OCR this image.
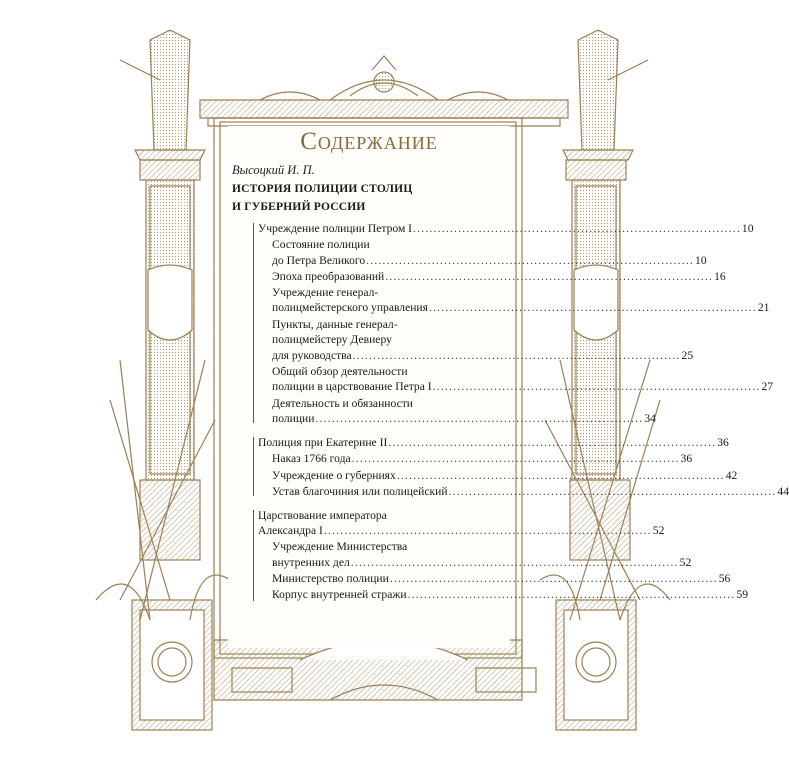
Содержание
Высоцкий И. П.
ИСТОРИЯ ПОЛИЦИИ СТОЛИЦ
И ГУБЕРНИЙ РОССИИ
Учреждение полиции Петром I ................................................................................ 10
Состояние полиции
до Петра Великого ................................................................................ 10
Эпоха преобразований ................................................................................ 16
Учреждение генерал-
полицмейстерского управления ................................................................................ 21
Пункты, данные генерал-
полицмейстеру Девиеру
для руководства ................................................................................ 25
Общий обзор деятельности
полиции в царствование Петра I ................................................................................ 27
Деятельность и обязанности
полиции ................................................................................ 34
Полиция при Екатерине II ................................................................................ 36
Наказ 1766 года ................................................................................ 36
Учреждение о губерниях ................................................................................ 42
Устав благочиния или полицейский ................................................................................ 44
Царствование императора
Александра I ................................................................................ 52
Учреждение Министерства
внутренних дел ................................................................................ 52
Министерство полиции ................................................................................ 56
Корпус внутренней стражи ................................................................................ 59
